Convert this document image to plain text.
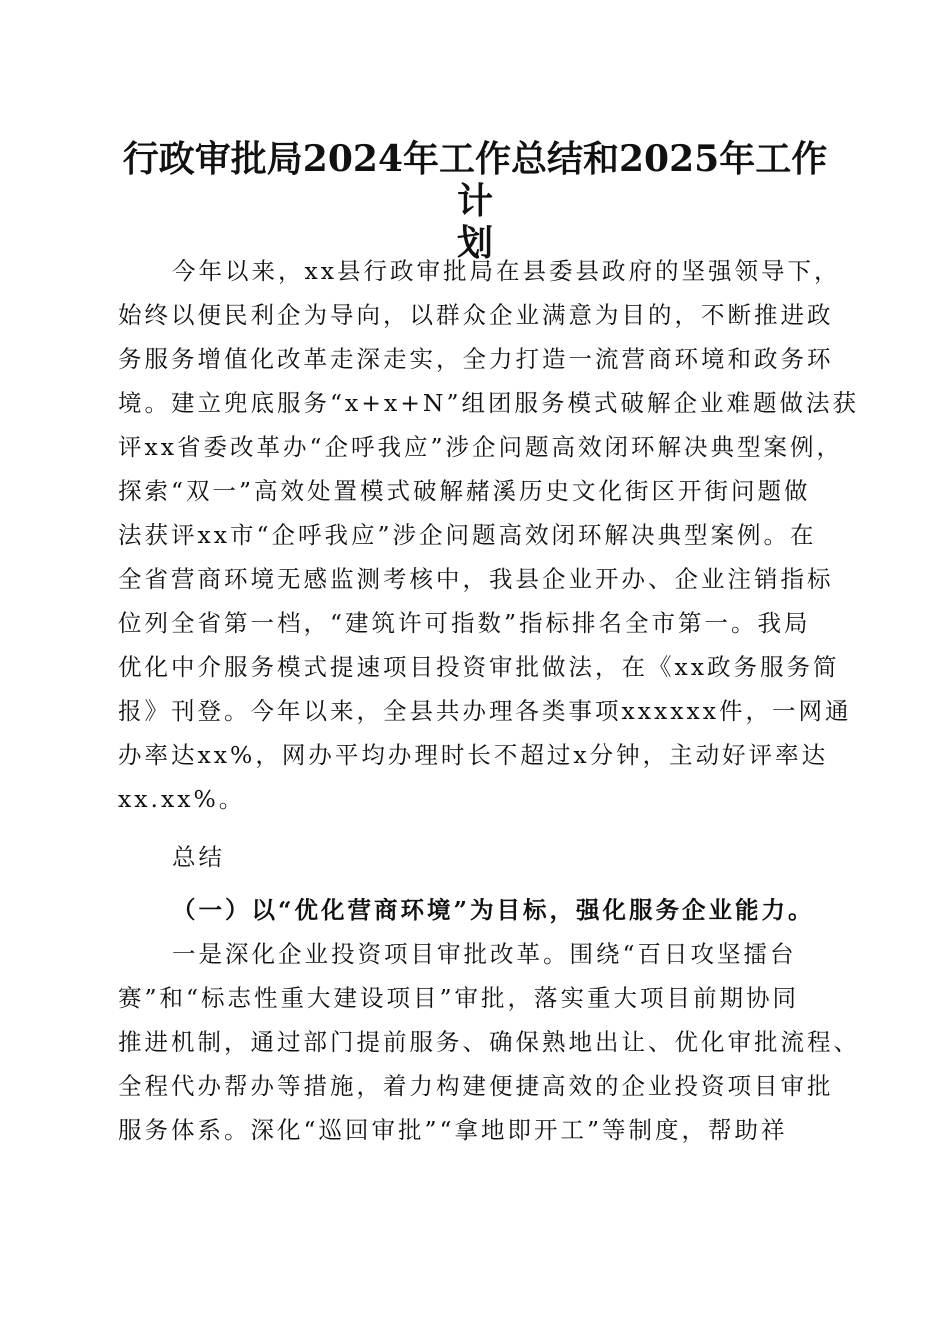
行政审批局2024年工作总结和2025年工作计
划

今年以来，xx县行政审批局在县委县政府的坚强领导下，

始终以便民利企为导向，以群众企业满意为目的，不断推进政

务服务增值化改革走深走实，全力打造一流营商环境和政务环

境。建立兜底服务“x+x+N”组团服务模式破解企业难题做法获

评xx省委改革办“企呼我应”涉企问题高效闭环解决典型案例，

探索“双一”高效处置模式破解赭溪历史文化街区开街问题做

法获评xx市“企呼我应”涉企问题高效闭环解决典型案例。在

全省营商环境无感监测考核中，我县企业开办、企业注销指标

位列全省第一档，“建筑许可指数”指标排名全市第一。我局

优化中介服务模式提速项目投资审批做法，在《xx政务服务简

报》刊登。今年以来，全县共办理各类事项xxxxxx件，一网通

办率达xx%，网办平均办理时长不超过x分钟，主动好评率达

xx.xx%。

总结

（一）以“优化营商环境”为目标，强化服务企业能力。

一是深化企业投资项目审批改革。围绕“百日攻坚擂台

赛”和“标志性重大建设项目”审批，落实重大项目前期协同

推进机制，通过部门提前服务、确保熟地出让、优化审批流程、

全程代办帮办等措施，着力构建便捷高效的企业投资项目审批

服务体系。深化“巡回审批”“拿地即开工”等制度，帮助祥
